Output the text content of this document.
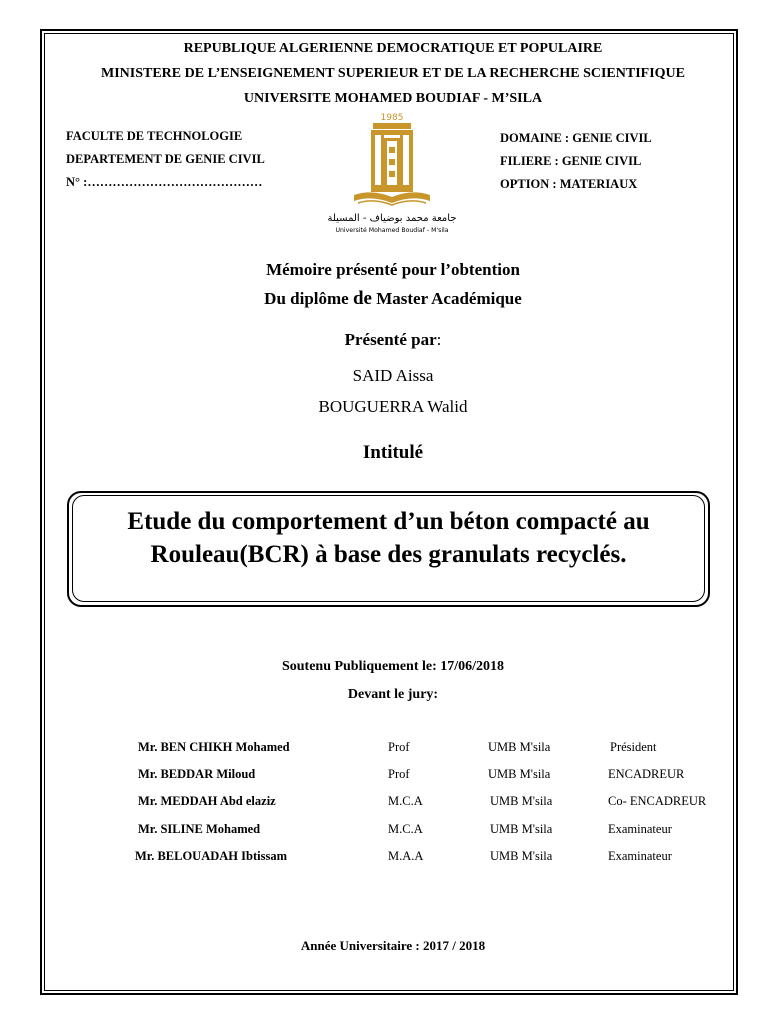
REPUBLIQUE ALGERIENNE DEMOCRATIQUE ET POPULAIRE
MINISTERE DE L’ENSEIGNEMENT SUPERIEUR ET DE LA RECHERCHE SCIENTIFIQUE
UNIVERSITE MOHAMED BOUDIAF - M’SILA
FACULTE DE TECHNOLOGIE
DEPARTEMENT DE GENIE CIVIL
N° :……………………………………
DOMAINE : GENIE CIVIL
FILIERE : GENIE CIVIL
OPTION : MATERIAUX
1985
جامعة محمد بوضياف - المسيلة
Université Mohamed Boudiaf - M'sila
Mémoire présenté pour l’obtention
Du diplôme de Master Académique
Présenté par:
SAID Aissa
BOUGUERRA Walid
Intitulé
Etude du comportement d’un béton compacté au
Rouleau(BCR) à base des granulats recyclés.
Soutenu Publiquement le: 17/06/2018
Devant le jury:
Mr. BEN CHIKH Mohamed	Prof	UMB M'sila	Président
Mr. BEDDAR Miloud	Prof	UMB M'sila	ENCADREUR
Mr. MEDDAH Abd elaziz	M.C.A	UMB M'sila	Co- ENCADREUR
Mr. SILINE Mohamed	M.C.A	UMB M'sila	Examinateur
Mr. BELOUADAH Ibtissam	M.A.A	UMB M'sila	Examinateur
Année Universitaire : 2017 / 2018
